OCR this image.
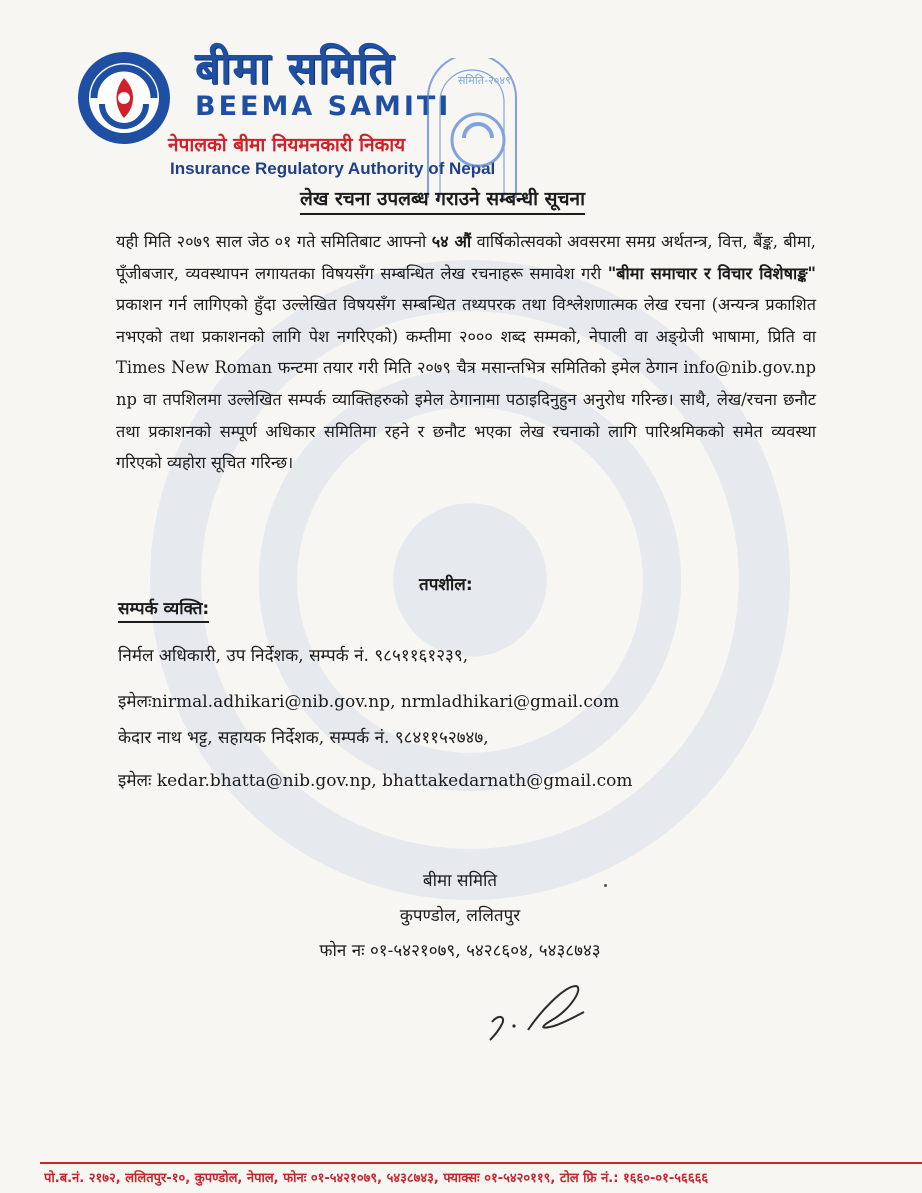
बीमा समिति
BEEMA SAMITI
नेपालको बीमा नियमनकारी निकाय
Insurance Regulatory Authority of Nepal
समिति-२०४९
लेख रचना उपलब्ध गराउने सम्बन्धी सूचना
यही मिति २०७९ साल जेठ ०१ गते समितिबाट आफ्नो ५४ औं वार्षिकोत्सवको अवसरमा समग्र अर्थतन्त्र, वित्त, बैंङ्क, बीमा, पूँजीबजार, व्यवस्थापन लगायतका विषयसँग सम्बन्धित लेख रचनाहरू समावेश गरी "बीमा समाचार र विचार विशेषाङ्क" प्रकाशन गर्न लागिएको हुँदा उल्लेखित विषयसँग सम्बन्धित तथ्यपरक तथा विश्लेशणात्मक लेख रचना (अन्यन्त्र प्रकाशित नभएको तथा प्रकाशनको लागि पेश नगरिएको) कम्तीमा २००० शब्द सम्मको, नेपाली वा अङ्ग्रेजी भाषामा, प्रिति वा Times New Roman फन्टमा तयार गरी मिति २०७९ चैत्र मसान्तभित्र समितिको इमेल ठेगान info@nib.gov.np np वा तपशिलमा उल्लेखित सम्पर्क व्याक्तिहरुको इमेल ठेगानामा पठाइदिनुहुन अनुरोध गरिन्छ। साथै, लेख/रचना छनौट तथा प्रकाशनको सम्पूर्ण अधिकार समितिमा रहने र छनौट भएका लेख रचनाको लागि पारिश्रमिकको समेत व्यवस्था गरिएको व्यहोरा सूचित गरिन्छ।
तपशील:
सम्पर्क व्यक्ति:
निर्मल अधिकारी, उप निर्देशक, सम्पर्क नं. ९८५११६१२३९,
इमेलःnirmal.adhikari@nib.gov.np, nrmladhikari@gmail.com
केदार नाथ भट्ट, सहायक निर्देशक, सम्पर्क नं. ९८४११५२७४७,
इमेलः kedar.bhatta@nib.gov.np, bhattakedarnath@gmail.com
बीमा समिति
कुपण्डोल, ललितपुर
फोन नः ०१-५४२१०७९, ५४२८६०४, ५४३८७४३
पो.ब.नं. २१७२, ललितपुर-१०, कुपण्डोल, नेपाल, फोनः ०१-५४२१०७९, ५४३८७४३, फ्याक्सः ०१-५४२०११९, टोल फ्रि नं.: १६६०-०१-५६६६६
